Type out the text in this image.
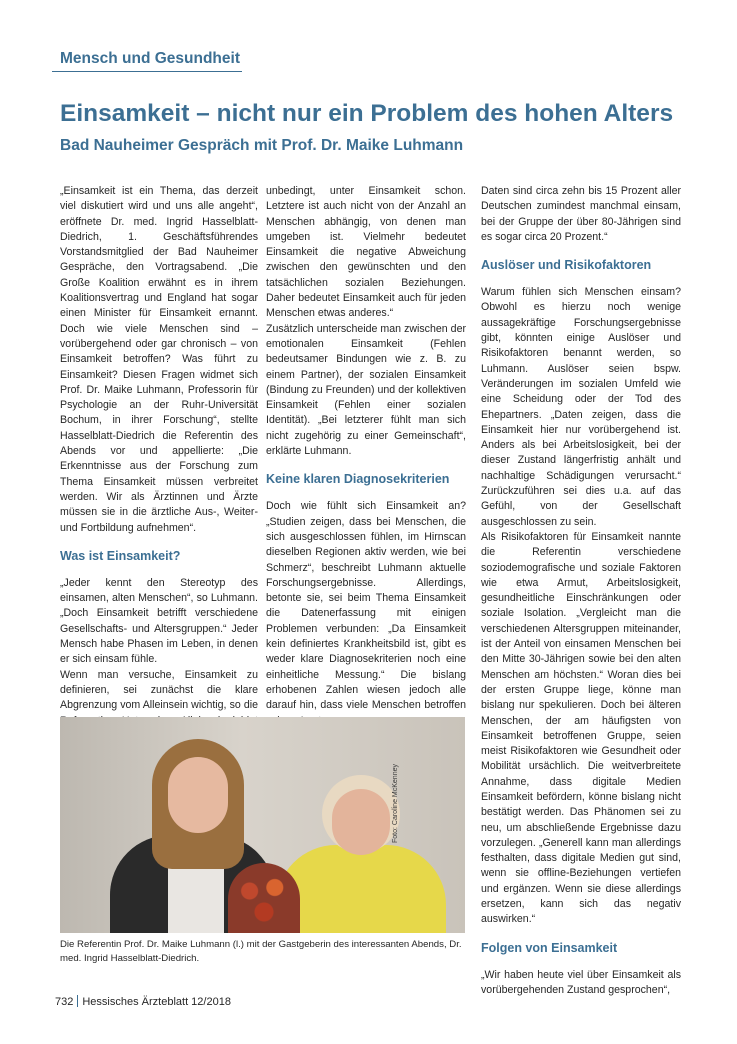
Mensch und Gesundheit
Einsamkeit – nicht nur ein Problem des hohen Alters
Bad Nauheimer Gespräch mit Prof. Dr. Maike Luhmann

„Einsamkeit ist ein Thema, das derzeit viel diskutiert wird und uns alle angeht“, eröffnete Dr. med. Ingrid Hasselblatt-Diedrich, 1. Geschäftsführendes Vorstandsmitglied der Bad Nauheimer Gespräche, den Vortragsabend. „Die Große Koalition erwähnt es in ihrem Koalitionsvertrag und England hat sogar einen Minister für Einsamkeit ernannt. Doch wie viele Menschen sind – vorübergehend oder gar chronisch – von Einsamkeit betroffen? Was führt zu Einsamkeit? Diesen Fragen widmet sich Prof. Dr. Maike Luhmann, Professorin für Psychologie an der Ruhr-Universität Bochum, in ihrer Forschung“, stellte Hasselblatt-Diedrich die Referentin des Abends vor und appellierte: „Die Erkenntnisse aus der Forschung zum Thema Einsamkeit müssen verbreitet werden. Wir als Ärztinnen und Ärzte müssen sie in die ärztliche Aus-, Weiter- und Fortbildung aufnehmen“.

Was ist Einsamkeit?

„Jeder kennt den Stereotyp des einsamen, alten Menschen“, so Luhmann. „Doch Einsamkeit betrifft verschiedene Gesellschafts- und Altersgruppen.“ Jeder Mensch habe Phasen im Leben, in denen er sich einsam fühle.

Wenn man versuche, Einsamkeit zu definieren, sei zunächst die klare Abgrenzung vom Alleinsein wichtig, so die

unbedingt, unter Einsamkeit schon. Letztere ist auch nicht von der Anzahl an Menschen abhängig, von denen man umgeben ist. Vielmehr bedeutet Einsamkeit die negative Abweichung zwischen den gewünschten und den tatsächlichen sozialen Beziehungen. Daher bedeutet Einsamkeit auch für jeden Menschen etwas anderes.“

Zusätzlich unterscheide man zwischen der emotionalen Einsamkeit (Fehlen bedeutsamer Bindungen wie z. B. zu einem Partner), der sozialen Einsamkeit (Bindung zu Freunden) und der kollektiven Einsamkeit (Fehlen einer sozialen Identität). „Bei letzterer fühlt man sich nicht zugehörig zu einer Gemeinschaft“, erklärte Luhmann.

Keine klaren Diagnosekriterien

Doch wie fühlt sich Einsamkeit an? „Studien zeigen, dass bei Menschen, die sich ausgeschlossen fühlen, im Hirnscan dieselben Regionen aktiv werden, wie bei Schmerz“, beschreibt Luhmann aktuelle Forschungsergebnisse. Allerdings, betonte sie, sei beim Thema Einsamkeit die Datenerfassung mit einigen Problemen verbunden: „Da Einsamkeit kein definiertes Krankheitsbild ist, gibt es weder klare Diagnosekriterien noch eine einheitliche Messung.“ Die bislang erhobenen Zahlen wiesen jedoch alle darauf hin, dass viele Menschen betroffen

Daten sind circa zehn bis 15 Prozent aller Deutschen zumindest manchmal einsam, bei der Gruppe der über 80-Jährigen sind es sogar circa 20 Prozent.“

Auslöser und Risikofaktoren

Warum fühlen sich Menschen einsam? Obwohl es hierzu noch wenige aussagekräftige Forschungsergebnisse gibt, könnten einige Auslöser und Risikofaktoren benannt werden, so Luhmann. Auslöser seien bspw. Veränderungen im sozialen Umfeld wie eine Scheidung oder der Tod des Ehepartners. „Daten zeigen, dass die Einsamkeit hier nur vorübergehend ist. Anders als bei Arbeitslosigkeit, bei der dieser Zustand längerfristig anhält und nachhaltige Schädigungen verursacht.“ Zurückzuführen sei dies u.a. auf das Gefühl, von der Gesellschaft ausgeschlossen zu sein.

Als Risikofaktoren für Einsamkeit nannte die Referentin verschiedene soziodemografische und soziale Faktoren wie etwa Armut, Arbeitslosigkeit, gesundheitliche Einschränkungen oder soziale Isolation. „Vergleicht man die verschiedenen Altersgruppen miteinander, ist der Anteil von einsamen Menschen bei den Mitte 30-Jährigen sowie bei den alten Menschen am höchsten.“ Woran dies bei der ersten Gruppe liege, könne man bislang nur spekulieren. Doch bei älteren Menschen, der am häufigsten von Einsamkeit betroffenen Gruppe, seien meist Risikofaktoren wie Gesundheit oder Mobilität ursächlich. Die weitverbreitete Annahme, dass digitale Medien Einsamkeit befördern, könne bislang nicht bestätigt werden. Das Phänomen sei zu neu, um abschließende Ergebnisse dazu vorzulegen. „Generell kann man allerdings festhalten, dass digitale Medien gut sind, wenn sie offline-Beziehungen vertiefen und ergänzen. Wenn sie diese allerdings ersetzen, kann sich das negativ auswirken.“

Folgen von Einsamkeit

„Wir haben heute viel über Einsamkeit als vorübergehenden Zustand gesprochen“,

Foto: Caroline McKenney
Die Referentin Prof. Dr. Maike Luhmann (l.) mit der Gastgeberin des interessanten Abends, Dr. med. Ingrid Hasselblatt-Diedrich.
732 Hessisches Ärzteblatt 12/2018
